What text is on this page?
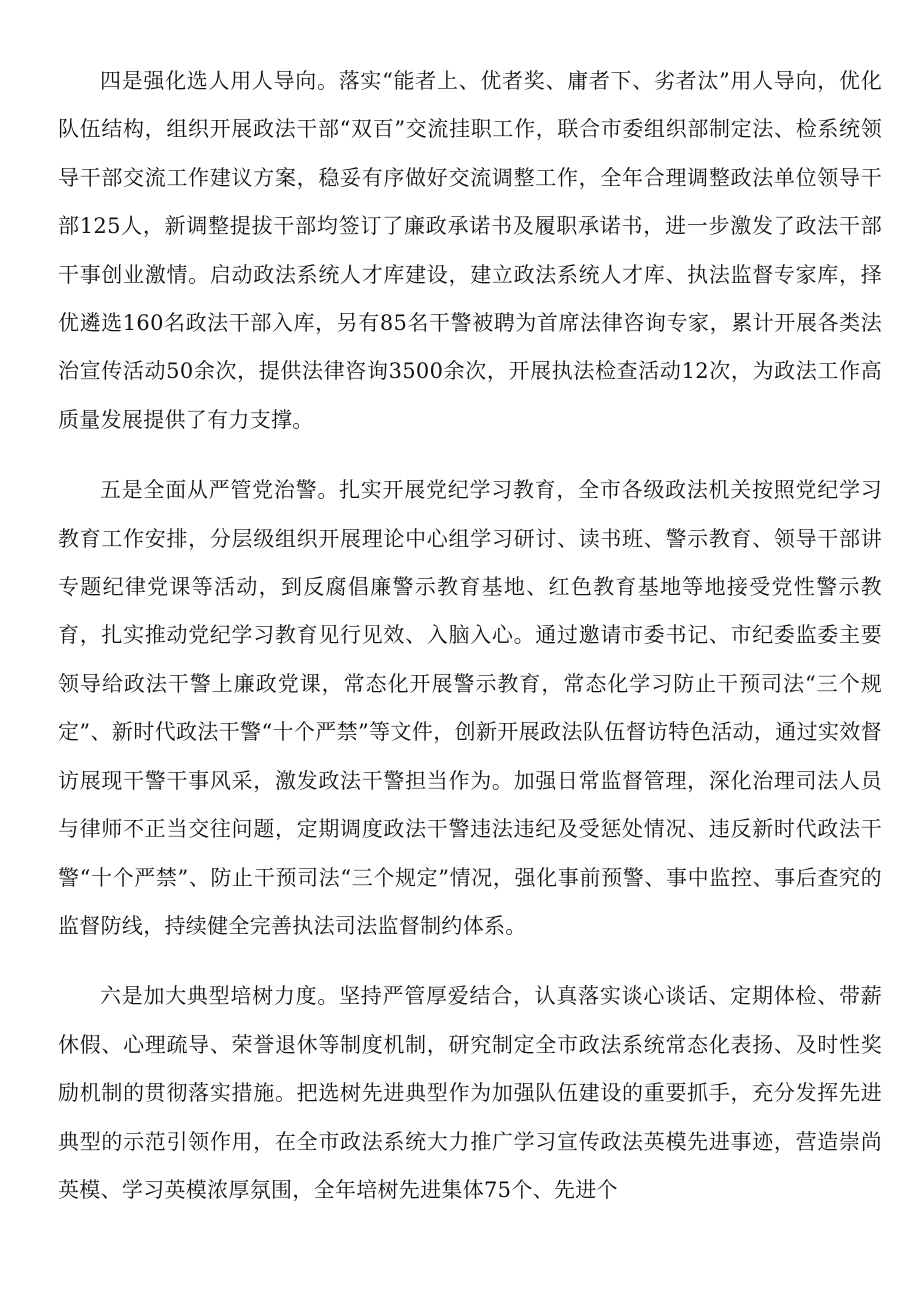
四是强化选人用人导向。落实“能者上、优者奖、庸者下、劣者汰”用人导向，优化队伍结构，组织开展政法干部“双百”交流挂职工作，联合市委组织部制定法、检系统领导干部交流工作建议方案，稳妥有序做好交流调整工作，全年合理调整政法单位领导干部125人，新调整提拔干部均签订了廉政承诺书及履职承诺书，进一步激发了政法干部干事创业激情。启动政法系统人才库建设，建立政法系统人才库、执法监督专家库，择优遴选160名政法干部入库，另有85名干警被聘为首席法律咨询专家，累计开展各类法治宣传活动50余次，提供法律咨询3500余次，开展执法检查活动12次，为政法工作高质量发展提供了有力支撑。

五是全面从严管党治警。扎实开展党纪学习教育，全市各级政法机关按照党纪学习教育工作安排，分层级组织开展理论中心组学习研讨、读书班、警示教育、领导干部讲专题纪律党课等活动，到反腐倡廉警示教育基地、红色教育基地等地接受党性警示教育，扎实推动党纪学习教育见行见效、入脑入心。通过邀请市委书记、市纪委监委主要领导给政法干警上廉政党课，常态化开展警示教育，常态化学习防止干预司法“三个规定”、新时代政法干警“十个严禁”等文件，创新开展政法队伍督访特色活动，通过实效督访展现干警干事风采，激发政法干警担当作为。加强日常监督管理，深化治理司法人员与律师不正当交往问题，定期调度政法干警违法违纪及受惩处情况、违反新时代政法干警“十个严禁”、防止干预司法“三个规定”情况，强化事前预警、事中监控、事后查究的监督防线，持续健全完善执法司法监督制约体系。

六是加大典型培树力度。坚持严管厚爱结合，认真落实谈心谈话、定期体检、带薪休假、心理疏导、荣誉退休等制度机制，研究制定全市政法系统常态化表扬、及时性奖励机制的贯彻落实措施。把选树先进典型作为加强队伍建设的重要抓手，充分发挥先进典型的示范引领作用，在全市政法系统大力推广学习宣传政法英模先进事迹，营造崇尚英模、学习英模浓厚氛围，全年培树先进集体75个、先进个
